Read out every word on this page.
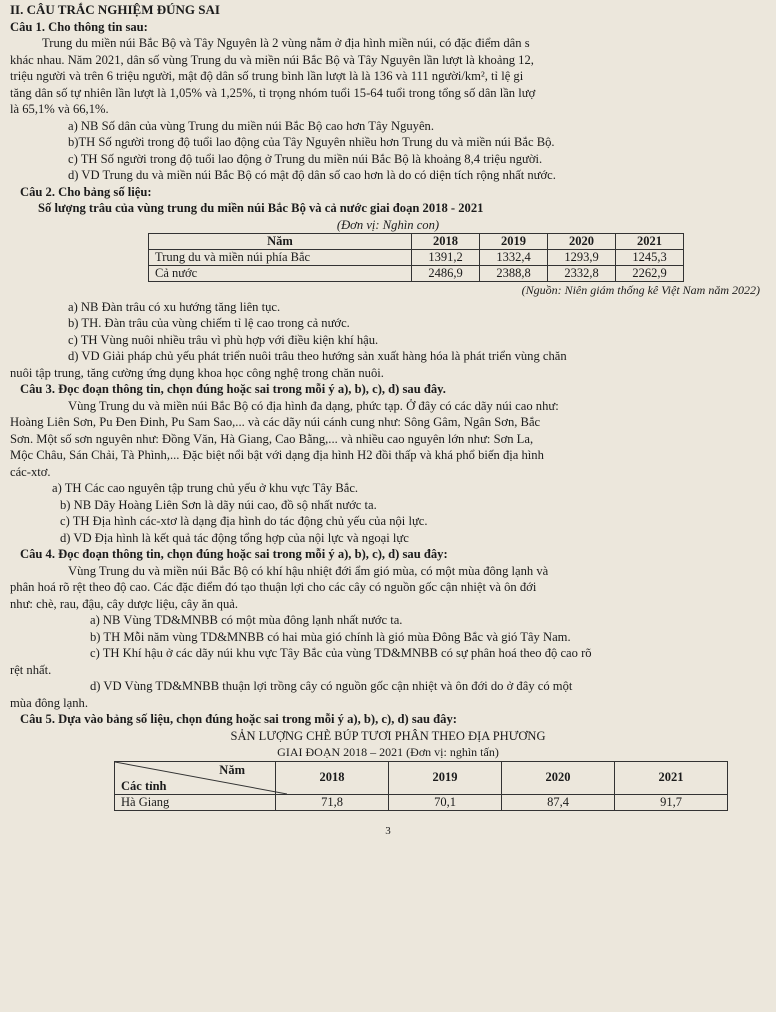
II. CÂU TRẮC NGHIỆM ĐÚNG SAI
Câu 1. Cho thông tin sau:
Trung du miền núi Bắc Bộ và Tây Nguyên là 2 vùng nằm ở địa hình miền núi, có đặc điểm dân s
khác nhau. Năm 2021, dân số vùng Trung du và miền núi Bắc Bộ và Tây Nguyên lần lượt là khoảng 12,
triệu người và trên 6 triệu người, mật độ dân số trung bình lần lượt là là 136 và 111 người/km², tỉ lệ gi
tăng dân số tự nhiên lần lượt là 1,05% và 1,25%, tỉ trọng nhóm tuổi 15-64 tuổi trong tổng số dân lần lượ
là 65,1% và 66,1%.
a) NB Số dân của vùng Trung du miền núi Bắc Bộ cao hơn Tây Nguyên.
b)TH Số người trong độ tuổi lao động của Tây Nguyên nhiều hơn Trung du và miền núi Bắc Bộ.
c) TH Số người trong độ tuổi lao động ở Trung du miền núi Bắc Bộ là khoảng 8,4 triệu người.
d) VD Trung du và miền núi Bắc Bộ có mật độ dân số cao hơn là do có diện tích rộng nhất nước.
Câu 2. Cho bảng số liệu:
Số lượng trâu của vùng trung du miền núi Bắc Bộ và cả nước giai đoạn 2018 - 2021
(Đơn vị: Nghìn con)
Năm	2018	2019	2020	2021
Trung du và miền núi phía Bắc	1391,2	1332,4	1293,9	1245,3
Cả nước	2486,9	2388,8	2332,8	2262,9
(Nguồn: Niên giám thống kê Việt Nam năm 2022)
a) NB Đàn trâu có xu hướng tăng liên tục.
b) TH. Đàn trâu của vùng chiếm tỉ lệ cao trong cả nước.
c) TH Vùng nuôi nhiều trâu vì phù hợp với điều kiện khí hậu.
d) VD Giải pháp chủ yếu phát triển nuôi trâu theo hướng sản xuất hàng hóa là phát triển vùng chăn
nuôi tập trung, tăng cường ứng dụng khoa học công nghệ trong chăn nuôi.
Câu 3. Đọc đoạn thông tin, chọn đúng hoặc sai trong mỗi ý a), b), c), d) sau đây.
Vùng Trung du và miền núi Bắc Bộ có địa hình đa dạng, phức tạp. Ở đây có các dãy núi cao như:
Hoàng Liên Sơn, Pu Đen Đinh, Pu Sam Sao,... và các dãy núi cánh cung như: Sông Gâm, Ngân Sơn, Bắc
Sơn. Một số sơn nguyên như: Đồng Văn, Hà Giang, Cao Bằng,... và nhiều cao nguyên lớn như: Sơn La,
Mộc Châu, Sán Chải, Tà Phình,... Đặc biệt nổi bật với dạng địa hình H2 đồi thấp và khá phổ biến địa hình
các-xtơ.
a) TH Các cao nguyên tập trung chủ yếu ở khu vực Tây Bắc.
b) NB Dãy Hoàng Liên Sơn là dãy núi cao, đồ sộ nhất nước ta.
c) TH Địa hình các-xtơ là dạng địa hình do tác động chủ yếu của nội lực.
d) VD Địa hình là kết quả tác động tổng hợp của nội lực và ngoại lực
Câu 4. Đọc đoạn thông tin, chọn đúng hoặc sai trong mỗi ý a), b), c), d) sau đây:
Vùng Trung du và miền núi Bắc Bộ có khí hậu nhiệt đới ẩm gió mùa, có một mùa đông lạnh và
phân hoá rõ rệt theo độ cao. Các đặc điểm đó tạo thuận lợi cho các cây có nguồn gốc cận nhiệt và ôn đới
như: chè, rau, đậu, cây dược liệu, cây ăn quả.
a) NB Vùng TD&MNBB có một mùa đông lạnh nhất nước ta.
b) TH Mỗi năm vùng TD&MNBB có hai mùa gió chính là gió mùa Đông Bắc và gió Tây Nam.
c) TH Khí hậu ở các dãy núi khu vực Tây Bắc của vùng TD&MNBB có sự phân hoá theo độ cao rõ
rệt nhất.
d) VD Vùng TD&MNBB thuận lợi trồng cây có nguồn gốc cận nhiệt và ôn đới do ở đây có một
mùa đông lạnh.
Câu 5. Dựa vào bảng số liệu, chọn đúng hoặc sai trong mỗi ý a), b), c), d) sau đây:
SẢN LƯỢNG CHÈ BÚP TƯƠI PHÂN THEO ĐỊA PHƯƠNG
GIAI ĐOẠN 2018 – 2021 (Đơn vị: nghìn tấn)
Năm
Các tỉnh	2018	2019	2020	2021
Hà Giang	71,8	70,1	87,4	91,7
3
